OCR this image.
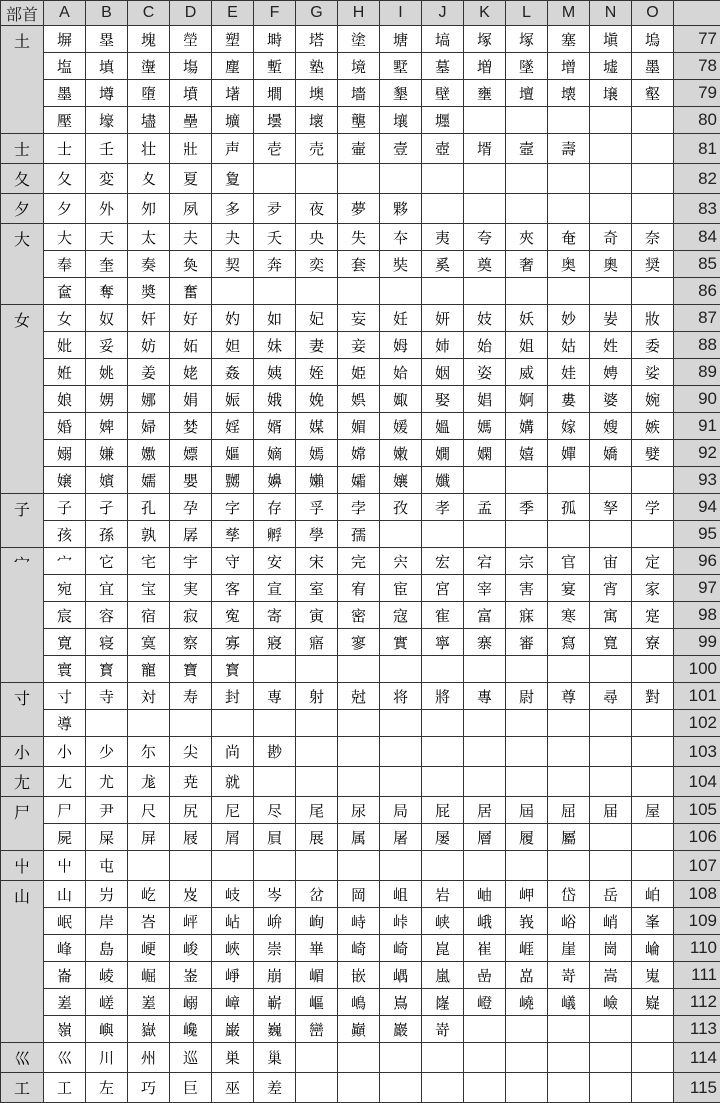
部首	A	B	C	D	E	F	G	H	I	J	K	L	M	N	O	
土	塀	塁	塊	塋	塑	塒	塔	塗	塘	塙	塚	塚	塞	塡	塢	77
	塩	填	塰	塲	塵	塹	塾	境	墅	墓	増	墜	增	墟	墨	78
	墨	墫	墮	墳	墸	墹	墺	墻	墾	壁	壅	壇	壊	壌	壑	79
	壓	壕	壗	壘	壙	壜	壞	壟	壤	壥						80
士	士	壬	壮	壯	声	壱	売	壷	壹	壺	壻	壼	壽			81
夂	夂	変	夊	夏	夐											82
夕	夕	外	夘	夙	多	夛	夜	夢	夥							83
大	大	天	太	夫	夬	夭	央	失	夲	夷	夸	夾	奄	奇	奈	84
	奉	奎	奏	奐	契	奔	奕	套	奘	奚	奠	奢	奥	奧	奨	85
	奩	奪	奬	奮												86
女	女	奴	奸	好	妁	如	妃	妄	妊	妍	妓	妖	妙	妛	妝	87
	妣	妥	妨	妬	妲	妹	妻	妾	姆	姉	始	姐	姑	姓	委	88
	姙	姚	姜	姥	姦	姨	姪	姫	姶	姻	姿	威	娃	娉	娑	89
	娘	娚	娜	娟	娠	娥	娩	娯	娵	娶	娼	婀	婁	婆	婉	90
	婚	婢	婦	婪	婬	婿	媒	媚	媛	媼	媽	媾	嫁	嫂	嫉	91
	嫋	嫌	嫐	嫖	嫗	嫡	嫣	嫦	嫩	嫺	嫻	嬉	嬋	嬌	嬖	92
	嬢	嬪	嬬	嬰	嬲	嬶	嬾	孀	孃	孅						93
子	子	孑	孔	孕	字	存	孚	孛	孜	孝	孟	季	孤	孥	学	94
	孩	孫	孰	孱	孳	孵	學	孺								95
宀	宀	它	宅	宇	守	安	宋	完	宍	宏	宕	宗	官	宙	定	96
	宛	宜	宝	実	客	宣	室	宥	宦	宮	宰	害	宴	宵	家	97
	宸	容	宿	寂	寃	寄	寅	密	寇	寉	富	寐	寒	寓	寔	98
	寛	寝	寞	察	寡	寢	寤	寥	實	寧	寨	審	寫	寬	寮	99
	寰	寳	寵	寶	寳											100
寸	寸	寺	対	寿	封	専	射	尅	将	將	專	尉	尊	尋	對	101
	導															102
小	小	少	尓	尖	尚	尠										103
尢	尢	尤	尨	尭	就											104
尸	尸	尹	尺	尻	尼	尽	尾	尿	局	屁	居	屆	屈	届	屋	105
	屍	屎	屏	屐	屑	屓	展	属	屠	屡	層	履	屬			106
屮	屮	屯														107
山	山	屶	屹	岌	岐	岑	岔	岡	岨	岩	岫	岬	岱	岳	岶	108
	岷	岸	峇	岼	岾	峅	峋	峙	峠	峡	峨	峩	峪	峭	峯	109
	峰	島	峺	峻	峽	崇	崋	崎	崎	崑	崔	崕	崖	崗	崘	110
	崙	崚	崛	崟	崢	崩	嵋	嵌	嵎	嵐	嵒	嵓	嵜	嵩	嵬	111
	嵳	嵯	嵳	嵶	嶂	嶄	嶇	嶋	嶌	嶐	嶝	嶢	嶬	嶮	嶷	112
	嶺	嶼	嶽	巉	巌	巍	巒	巓	巖	嵜						113
巛	巛	川	州	巡	巣	巢										114
工	工	左	巧	巨	巫	差										115
